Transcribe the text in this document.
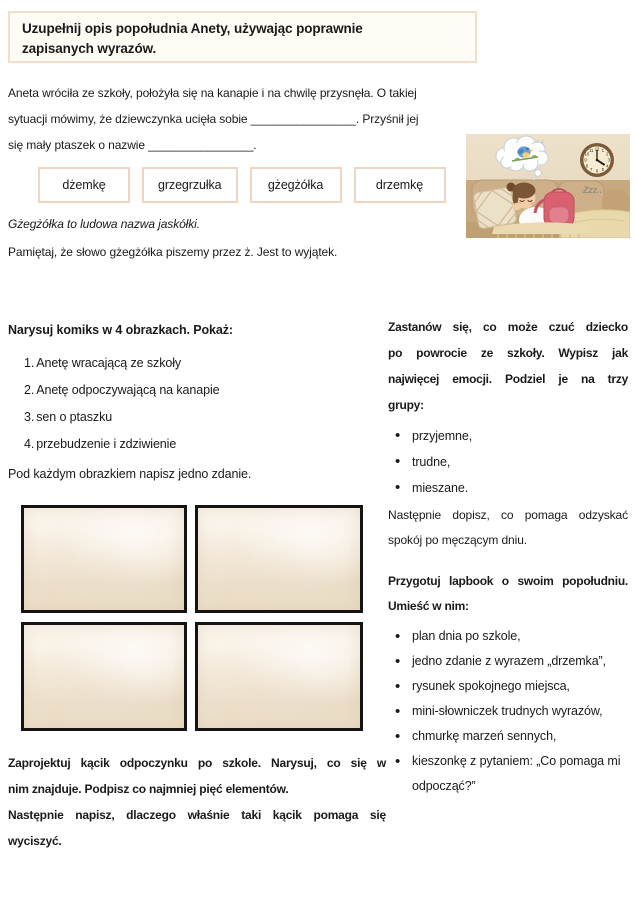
Uzupełnij opis popołudnia Anety, używając poprawnie
zapisanych wyrazów.
Aneta wróciła ze szkoły, położyła się na kanapie i na chwilę przysnęła. O takiej
sytuacji mówimy, że dziewczynka ucięła sobie ________________. Przyśnił jej
się mały ptaszek o nazwie ________________.
dżemkę	grzegrzułka	gżegżółka	drzemkę
12 1
2
3
4
5
6
7
8
9
10
11
♪ ♫
Zzz..
Gżegżółka to ludowa nazwa jaskółki.
Pamiętaj, że słowo gżegżółka piszemy przez ż. Jest to wyjątek.
Narysuj komiks w 4 obrazkach. Pokaż:
Anetę wracającą ze szkoły
Anetę odpoczywającą na kanapie
sen o ptaszku
przebudzenie i zdziwienie
Pod każdym obrazkiem napisz jedno zdanie.
Zaprojektuj kącik odpoczynku po szkole. Narysuj, co się w
nim znajduje. Podpisz co najmniej pięć elementów.
Następnie napisz, dlaczego właśnie taki kącik pomaga się
wyciszyć.
Zastanów się, co może czuć dziecko
po powrocie ze szkoły. Wypisz jak
najwięcej emocji. Podziel je na trzy
grupy:
• przyjemne,
• trudne,
• mieszane.
Następnie dopisz, co pomaga odzyskać
spokój po męczącym dniu.
Przygotuj lapbook o swoim popołudniu.
Umieść w nim:
• plan dnia po szkole,
• jedno zdanie z wyrazem „drzemka”,
• rysunek spokojnego miejsca,
• mini-słowniczek trudnych wyrazów,
• chmurkę marzeń sennych,
• kieszonkę z pytaniem: „Co pomaga mi odpocząć?”
